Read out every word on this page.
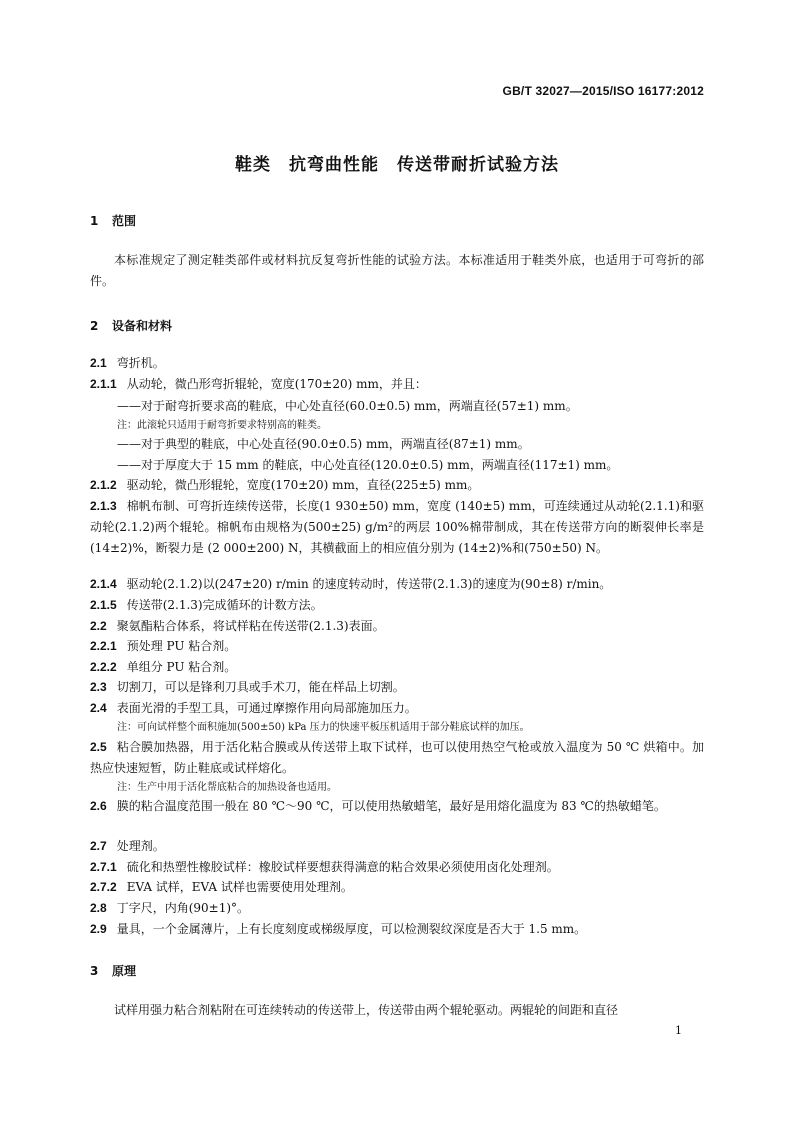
GB/T 32027—2015/ISO 16177:2012
鞋类　抗弯曲性能　传送带耐折试验方法
1 范围
本标准规定了测定鞋类部件或材料抗反复弯折性能的试验方法。本标准适用于鞋类外底，也适用于可弯折的部件。
2 设备和材料
2.1 弯折机。
2.1.1 从动轮，微凸形弯折辊轮，宽度(170±20) mm，并且：
——对于耐弯折要求高的鞋底，中心处直径(60.0±0.5) mm，两端直径(57±1) mm。
注：此滚轮只适用于耐弯折要求特别高的鞋类。
——对于典型的鞋底，中心处直径(90.0±0.5) mm，两端直径(87±1) mm。
——对于厚度大于 15 mm 的鞋底，中心处直径(120.0±0.5) mm，两端直径(117±1) mm。
2.1.2 驱动轮，微凸形辊轮，宽度(170±20) mm，直径(225±5) mm。
2.1.3 棉帆布制、可弯折连续传送带，长度(1 930±50) mm，宽度 (140±5) mm，可连续通过从动轮(2.1.1)和驱动轮(2.1.2)两个辊轮。棉帆布由规格为(500±25) g/m²的两层 100%棉带制成，其在传送带方向的断裂伸长率是(14±2)%，断裂力是 (2 000±200) N，其横截面上的相应值分别为 (14±2)%和(750±50) N。
2.1.4 驱动轮(2.1.2)以(247±20) r/min 的速度转动时，传送带(2.1.3)的速度为(90±8) r/min。
2.1.5 传送带(2.1.3)完成循环的计数方法。
2.2 聚氨酯粘合体系，将试样粘在传送带(2.1.3)表面。
2.2.1 预处理 PU 粘合剂。
2.2.2 单组分 PU 粘合剂。
2.3 切割刀，可以是锋利刀具或手术刀，能在样品上切割。
2.4 表面光滑的手型工具，可通过摩擦作用向局部施加压力。
注：可向试样整个面积施加(500±50) kPa 压力的快速平板压机适用于部分鞋底试样的加压。
2.5 粘合膜加热器，用于活化粘合膜或从传送带上取下试样，也可以使用热空气枪或放入温度为 50 ℃ 烘箱中。加热应快速短暂，防止鞋底或试样熔化。
注：生产中用于活化帮底粘合的加热设备也适用。
2.6 膜的粘合温度范围一般在 80 ℃～90 ℃，可以使用热敏蜡笔，最好是用熔化温度为 83 ℃的热敏蜡笔。
2.7 处理剂。
2.7.1 硫化和热塑性橡胶试样：橡胶试样要想获得满意的粘合效果必须使用卤化处理剂。
2.7.2 EVA 试样，EVA 试样也需要使用处理剂。
2.8 丁字尺，内角(90±1)°。
2.9 量具，一个金属薄片，上有长度刻度或梯级厚度，可以检测裂纹深度是否大于 1.5 mm。
3 原理
试样用强力粘合剂粘附在可连续转动的传送带上，传送带由两个辊轮驱动。两辊轮的间距和直径
1
